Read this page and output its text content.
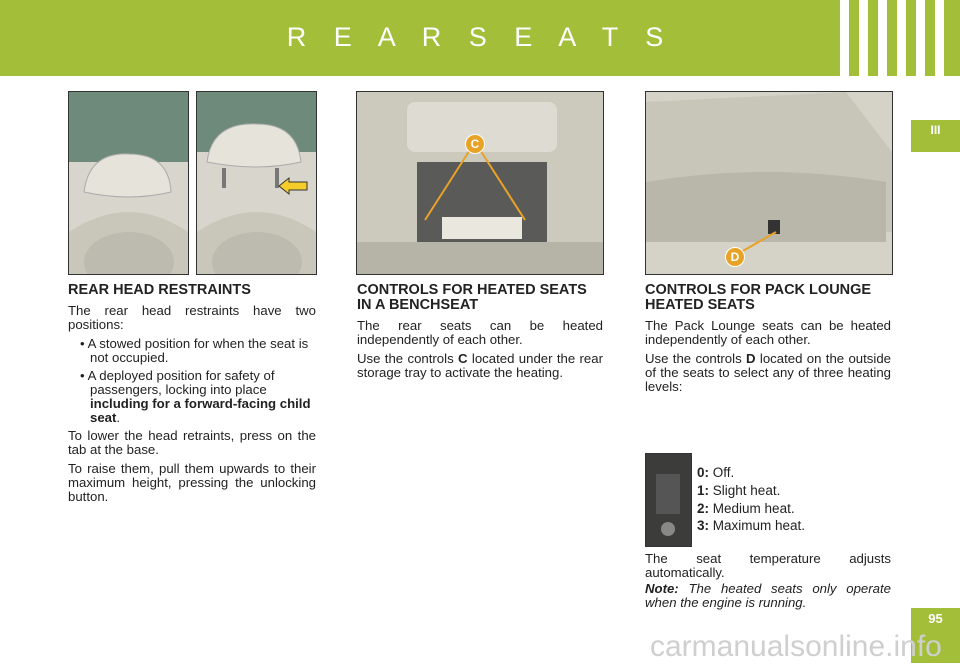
R E A R S E A T S
III
95
C
D
REAR HEAD RESTRAINTS
The rear head restraints have two positions:
• A stowed position for when the seat is not occupied.
• A deployed position for safety of passengers, locking into place including for a forward-facing child seat.
To lower the head retraints, press on the tab at the base.
To raise them, pull them upwards to their maximum height, pressing the unlocking button.
CONTROLS FOR HEATED SEATS IN A BENCHSEAT
The rear seats can be heated independently of each other.
Use the controls C located under the rear storage tray to activate the heating.
CONTROLS FOR PACK LOUNGE HEATED SEATS
The Pack Lounge seats can be heated independently of each other.
Use the controls D located on the outside of the seats to select any of three heating levels:
0: Off.
1: Slight heat.
2: Medium heat.
3: Maximum heat.
The seat temperature adjusts automatically.
Note: The heated seats only operate when the engine is running.
carmanualsonline.info
